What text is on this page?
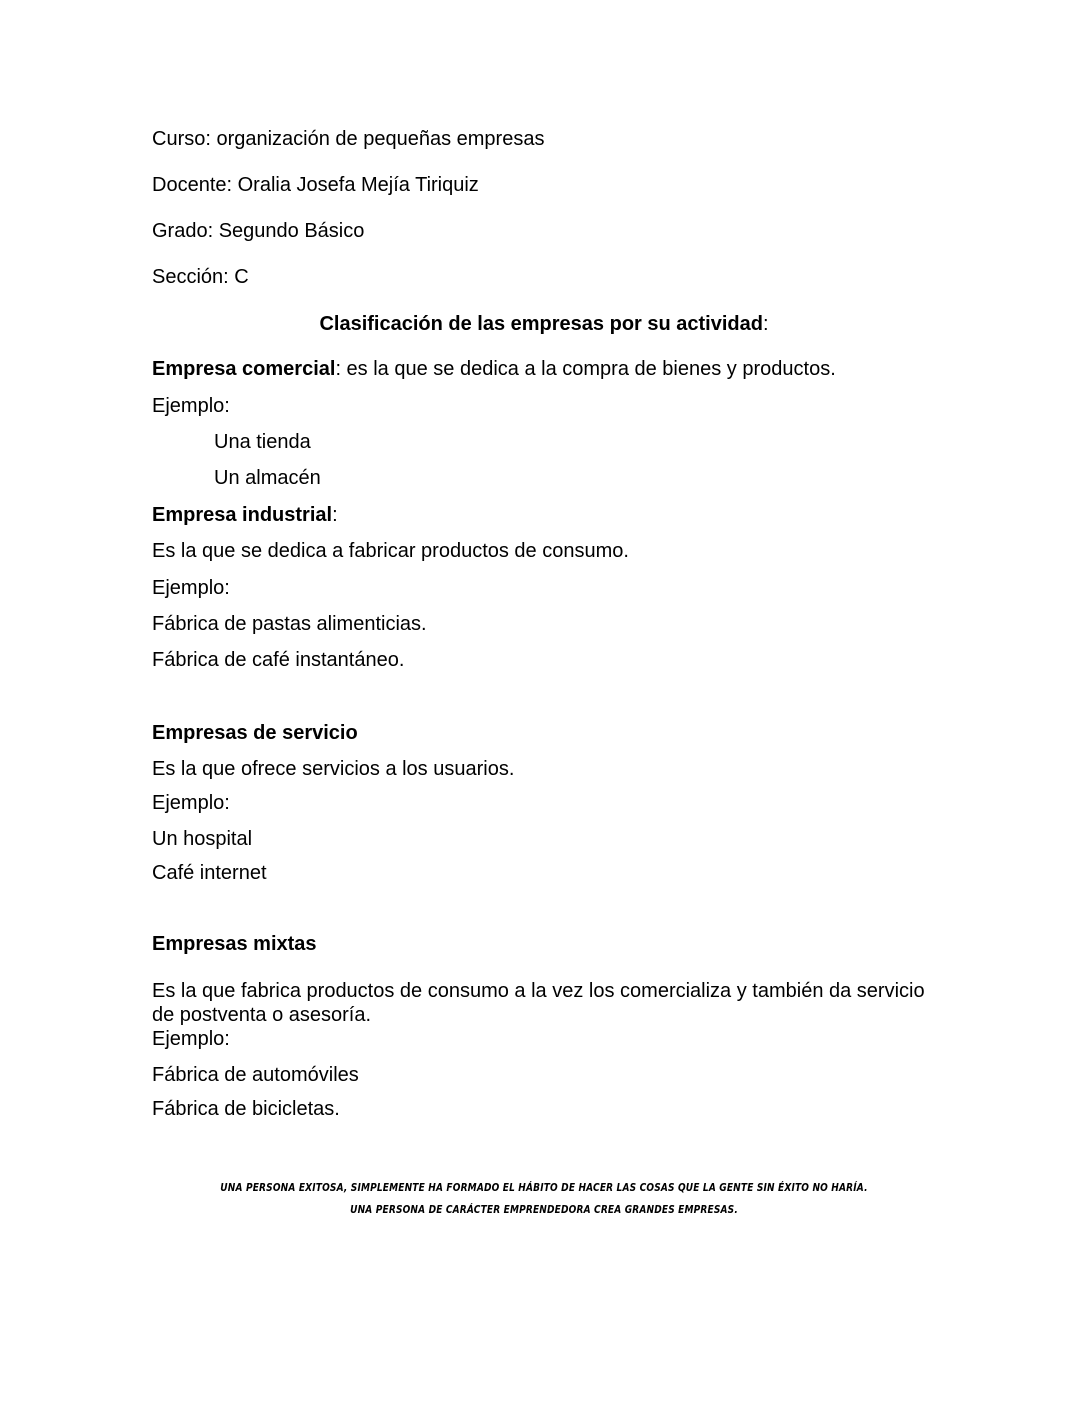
Curso: organización de pequeñas empresas
Docente: Oralia Josefa Mejía Tiriquiz
Grado: Segundo Básico
Sección: C
Clasificación de las empresas por su actividad:
Empresa comercial: es la que se dedica a la compra de bienes y productos.
Ejemplo:
Una tienda
Un almacén
Empresa industrial:
Es la que se dedica a fabricar productos de consumo.
Ejemplo:
Fábrica de pastas alimenticias.
Fábrica de café instantáneo.
Empresas de servicio
Es la que ofrece servicios a los usuarios.
Ejemplo:
Un hospital
Café internet
Empresas mixtas
Es la que fabrica productos de consumo a la vez los comercializa y también da servicio de postventa o asesoría.
Ejemplo:
Fábrica de automóviles
Fábrica de bicicletas.
UNA PERSONA EXITOSA, SIMPLEMENTE HA FORMADO EL HÁBITO DE HACER LAS COSAS QUE LA GENTE SIN ÉXITO NO HARÍA.
UNA PERSONA DE CARÁCTER EMPRENDEDORA CREA GRANDES EMPRESAS.
